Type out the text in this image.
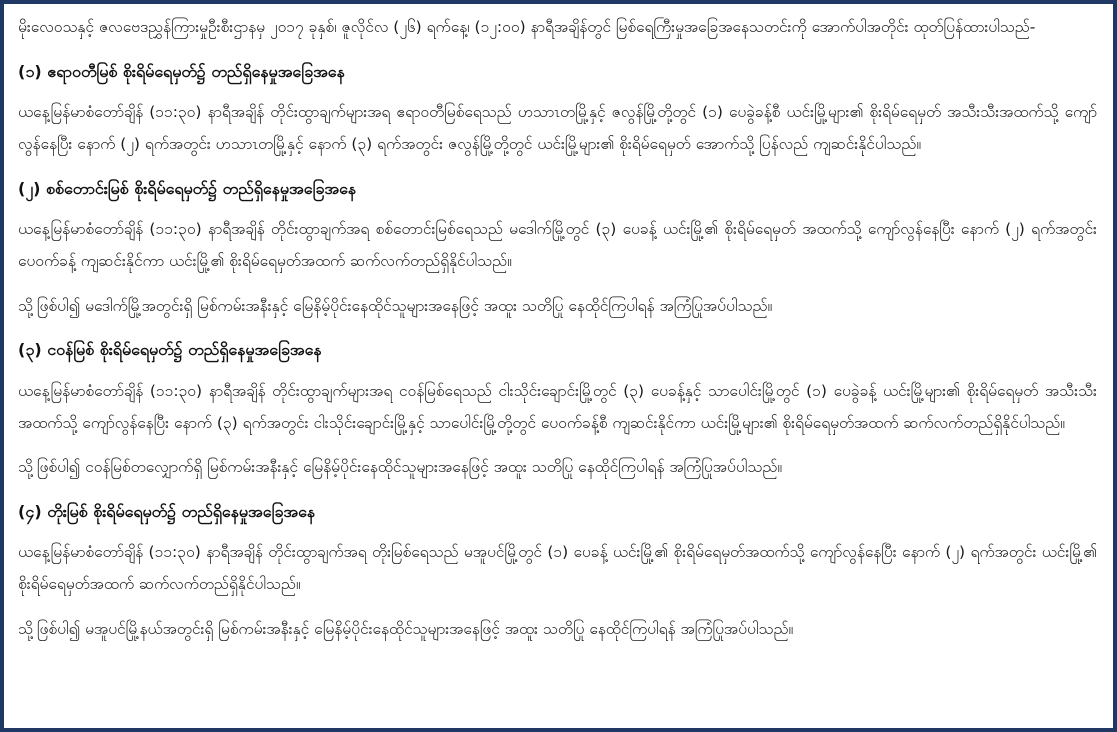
မိုးလေဝသနှင့် ဇလဗေဒညွှန်ကြားမှုဦးစီးဌာနမှ ၂၀၁၇ ခုနှစ်၊ ဇူလိုင်လ (၂၆) ရက်နေ့၊ (၁၂:၀၀) နာရီအချိန်တွင် မြစ်ရေကြီးမှုအခြေအနေသတင်းကို အောက်ပါအတိုင်း ထုတ်ပြန်ထားပါသည်-

(၁) ဧရာဝတီမြစ် စိုးရိမ်ရေမှတ်၌ တည်ရှိနေမှုအခြေအနေ

ယနေ့မြန်မာစံတော်ချိန် (၁၁:၃၀) နာရီအချိန် တိုင်းထွာချက်များအရ ဧရာဝတီမြစ်ရေသည် ဟသာၤတမြို့နှင့် ဇလွန်မြို့တို့တွင် (၁) ပေခွဲခန့်စီ ယင်းမြို့များ၏ စိုးရိမ်ရေမှတ် အသီးသီးအထက်သို့ ကျော်လွန်နေပြီး နောက် (၂) ရက်အတွင်း ဟသာၤတမြို့နှင့် နောက် (၃) ရက်အတွင်း ဇလွန်မြို့တို့တွင် ယင်းမြို့များ၏ စိုးရိမ်ရေမှတ် အောက်သို့ ပြန်လည် ကျဆင်းနိုင်ပါသည်။

(၂) စစ်တောင်းမြစ် စိုးရိမ်ရေမှတ်၌ တည်ရှိနေမှုအခြေအနေ

ယနေ့မြန်မာစံတော်ချိန် (၁၁:၃၀) နာရီအချိန် တိုင်းထွာချက်အရ စစ်တောင်းမြစ်ရေသည် မဒေါက်မြို့တွင် (၃) ပေခန့် ယင်းမြို့၏ စိုးရိမ်ရေမှတ် အထက်သို့ ကျော်လွန်နေပြီး နောက် (၂) ရက်အတွင်း ပေဝက်ခန့် ကျဆင်းနိုင်ကာ ယင်းမြို့၏ စိုးရိမ်ရေမှတ်အထက် ဆက်လက်တည်ရှိနိုင်ပါသည်။

သို့ဖြစ်ပါ၍ မဒေါက်မြို့အတွင်းရှိ မြစ်ကမ်းအနီးနှင့် မြေနိမ့်ပိုင်းနေထိုင်သူများအနေဖြင့် အထူး သတိပြု နေထိုင်ကြပါရန် အကြံပြုအပ်ပါသည်။

(၃) ငဝန်မြစ် စိုးရိမ်ရေမှတ်၌ တည်ရှိနေမှုအခြေအနေ

ယနေ့မြန်မာစံတော်ချိန် (၁၁:၃၀) နာရီအချိန် တိုင်းထွာချက်များအရ ငဝန်မြစ်ရေသည် ငါးသိုင်းချောင်းမြို့တွင် (၃) ပေခန့်နှင့် သာပေါင်းမြို့တွင် (၁) ပေခွဲခန့် ယင်းမြို့များ၏ စိုးရိမ်ရေမှတ် အသီးသီးအထက်သို့ ကျော်လွန်နေပြီး နောက် (၃) ရက်အတွင်း ငါးသိုင်းချောင်းမြို့နှင့် သာပေါင်းမြို့တို့တွင် ပေဝက်ခန့်စီ ကျဆင်းနိုင်ကာ ယင်းမြို့များ၏ စိုးရိမ်ရေမှတ်အထက် ဆက်လက်တည်ရှိနိုင်ပါသည်။

သို့ဖြစ်ပါ၍ ငဝန်မြစ်တလျှောက်ရှိ မြစ်ကမ်းအနီးနှင့် မြေနိမ့်ပိုင်းနေထိုင်သူများအနေဖြင့် အထူး သတိပြု နေထိုင်ကြပါရန် အကြံပြုအပ်ပါသည်။

(၄) တိုးမြစ် စိုးရိမ်ရေမှတ်၌ တည်ရှိနေမှုအခြေအနေ

ယနေ့မြန်မာစံတော်ချိန် (၁၁:၃၀) နာရီအချိန် တိုင်းထွာချက်အရ တိုးမြစ်ရေသည် မအူပင်မြို့တွင် (၁) ပေခန့် ယင်းမြို့၏ စိုးရိမ်ရေမှတ်အထက်သို့ ကျော်လွန်နေပြီး နောက် (၂) ရက်အတွင်း ယင်းမြို့၏ စိုးရိမ်ရေမှတ်အထက် ဆက်လက်တည်ရှိနိုင်ပါသည်။

သို့ဖြစ်ပါ၍ မအူပင်မြို့နယ်အတွင်းရှိ မြစ်ကမ်းအနီးနှင့် မြေနိမ့်ပိုင်းနေထိုင်သူများအနေဖြင့် အထူး သတိပြု နေထိုင်ကြပါရန် အကြံပြုအပ်ပါသည်။
